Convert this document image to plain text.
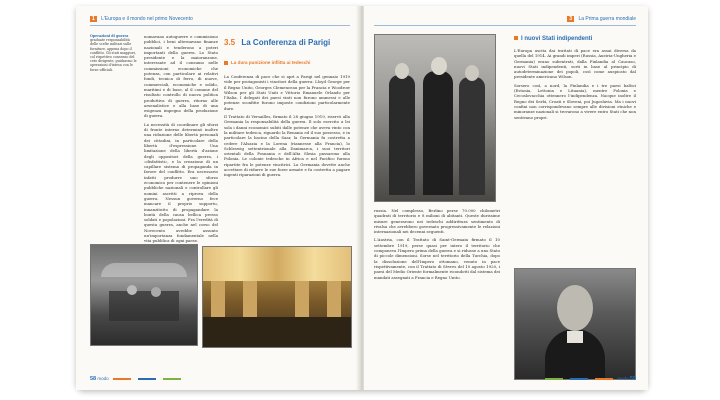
1 L'Europa e il mondo nel primo Novecento
Operazioni di guerra graduate responsabilità delle scelte militari sulle forniture, appena dopo il conflitto. Gli stati maggiori, col rispettivo consenso del ceto dirigente, guidarono le operazioni d'intesa con le forze ufficiali.

nomavano autoguerre e commisiono pubblici, i beni alternavano finanze nazionali e tenderono a poteri importanti della guerra. Lo Stato presidente e la maioranzone, interessate ad il consumo nelle commissioni economiche che potenza, con particolare ai relativi fondi, tecnica di ferro, di nuove, commerciali, economiche e solido, maritimi e di base, al il comune del risultato controllo di nuova politica produttiva di guerra, ritorno alle arsenalistice e alla base di una esigenza impegno della produzione di guerra.

La necessità di coordinare gli sforzi di fronte interno determinò inoltre una riduzione delle libertà personali dei cittadini, in particolare della libertà d'espressione. Una limitazione della libertà d'azione degli oppositori della guerra, i «disfattisti», e la creazione di un capillare sistema di propaganda in favore del conflitto. Era necessario infatti produrre uno sforzo economico per contenere le opinioni pubbliche nazionali e controllare gli uomini ascritti a riprova della guerra. Nessun governo fece mancare il proprio supporto, innanzitutto di propagandare la bontà della causa bellica presso soldati e popolazioni. Fra l'eredità di questa guerra, anche nel corso del Novecento avrebbe assunto un'importanza fondamentale nella vita pubblica di ogni paese.

3.5 La Conferenza di Parigi
La dura punizione inflitta ai tedeschi

La Conferenza di pace che si aprì a Parigi nel gennaio 1919 vide per protagonisti i vincitori della guerra: Lloyd George per il Regno Unito, Georges Clemenceau per la Francia e Woodrow Wilson per gli Stati Uniti e Vittorio Emanuele Orlando per l'Italia. I delegati dei paesi vinti non furono ammessi e alle potenze sconfitte furono imposte condizioni particolarmente dure.

Il Trattato di Versailles, firmato il 28 giugno 1919, riservò alla Germania la responsabilità della guerra. Il solo esercito a lei sola i danni economici subiti dalle potenze che aveva vinto con la militare tedesca, riguardo la Renania ed il suo possesso, e in particolare la bacino della Saar, la Germania fu costretta a cedere l'Alsazia e la Lorena (riannesse alla Francia), lo Schleswig settentrionale alla Danimarca, i suoi territori orientali della Posnania e dell'Alta Slesia passarono alla Polonia. Le colonie tedesche in Africa e nel Pacifico furono ripartite fra le potenze vincitrici. La Germania dovette anche accettare di ridurre le sue forze armate e fu costretta a pagare ingenti riparazioni di guerra.

58 modo
3 La Prima guerra mondiale

russia. Nel complesso, Berlino perse 70.000 chilometri quadrati di territorio e 8 milioni di abitanti. Queste durissime misure generarono nei tedeschi addirittura sentimento di rivalsa che avrebbero governato progressivamente le relazioni internazionali nei decenni seguenti.

L'Austria, con il Trattato di Saint-Germain firmato il 10 settembre 1919, perse quasi per intero il territorio che componeva l'Impero prima della guerra e si ridusse a uno Stato di piccole dimensioni. Sorse nel territorio della Turchia, dopo la dissoluzione dell'Impero ottomano, venuto in pace rispettivamente, con il Trattato di Sèvres del 10 agosto 1920, i paesi del Medio Oriente formalmente ricondotti dal sistema dei mandati assegnati a Francia e Regno Unito.

I nuovi Stati indipendenti

L'Europa uscita dai trattati di pace era assai diversa da quella del 1914. Ai grandi imperi (Russia, Austria-Ungheria e Germania) erano subentrati, dalla Finlandia al Caucaso, nuovi Stati indipendenti, sorti in base al principio di autodeterminazione dei popoli, così come auspicato dal presidente americano Wilson.

Sorsero così, a nord, la Finlandia e i tre paesi baltici (Estonia, Lettonia e Lituania), mentre Polonia e Cecoslovacchia ottennero l'indipendenza. Nacque inoltre il Regno dei Serbi, Croati e Sloveni, poi Jugoslavia. Ma i nuovi confini non corrispondevano sempre alle divisioni etniche e minoranze nazionali si trovarono a vivere entro Stati che non sentivano propri.

modo 59
